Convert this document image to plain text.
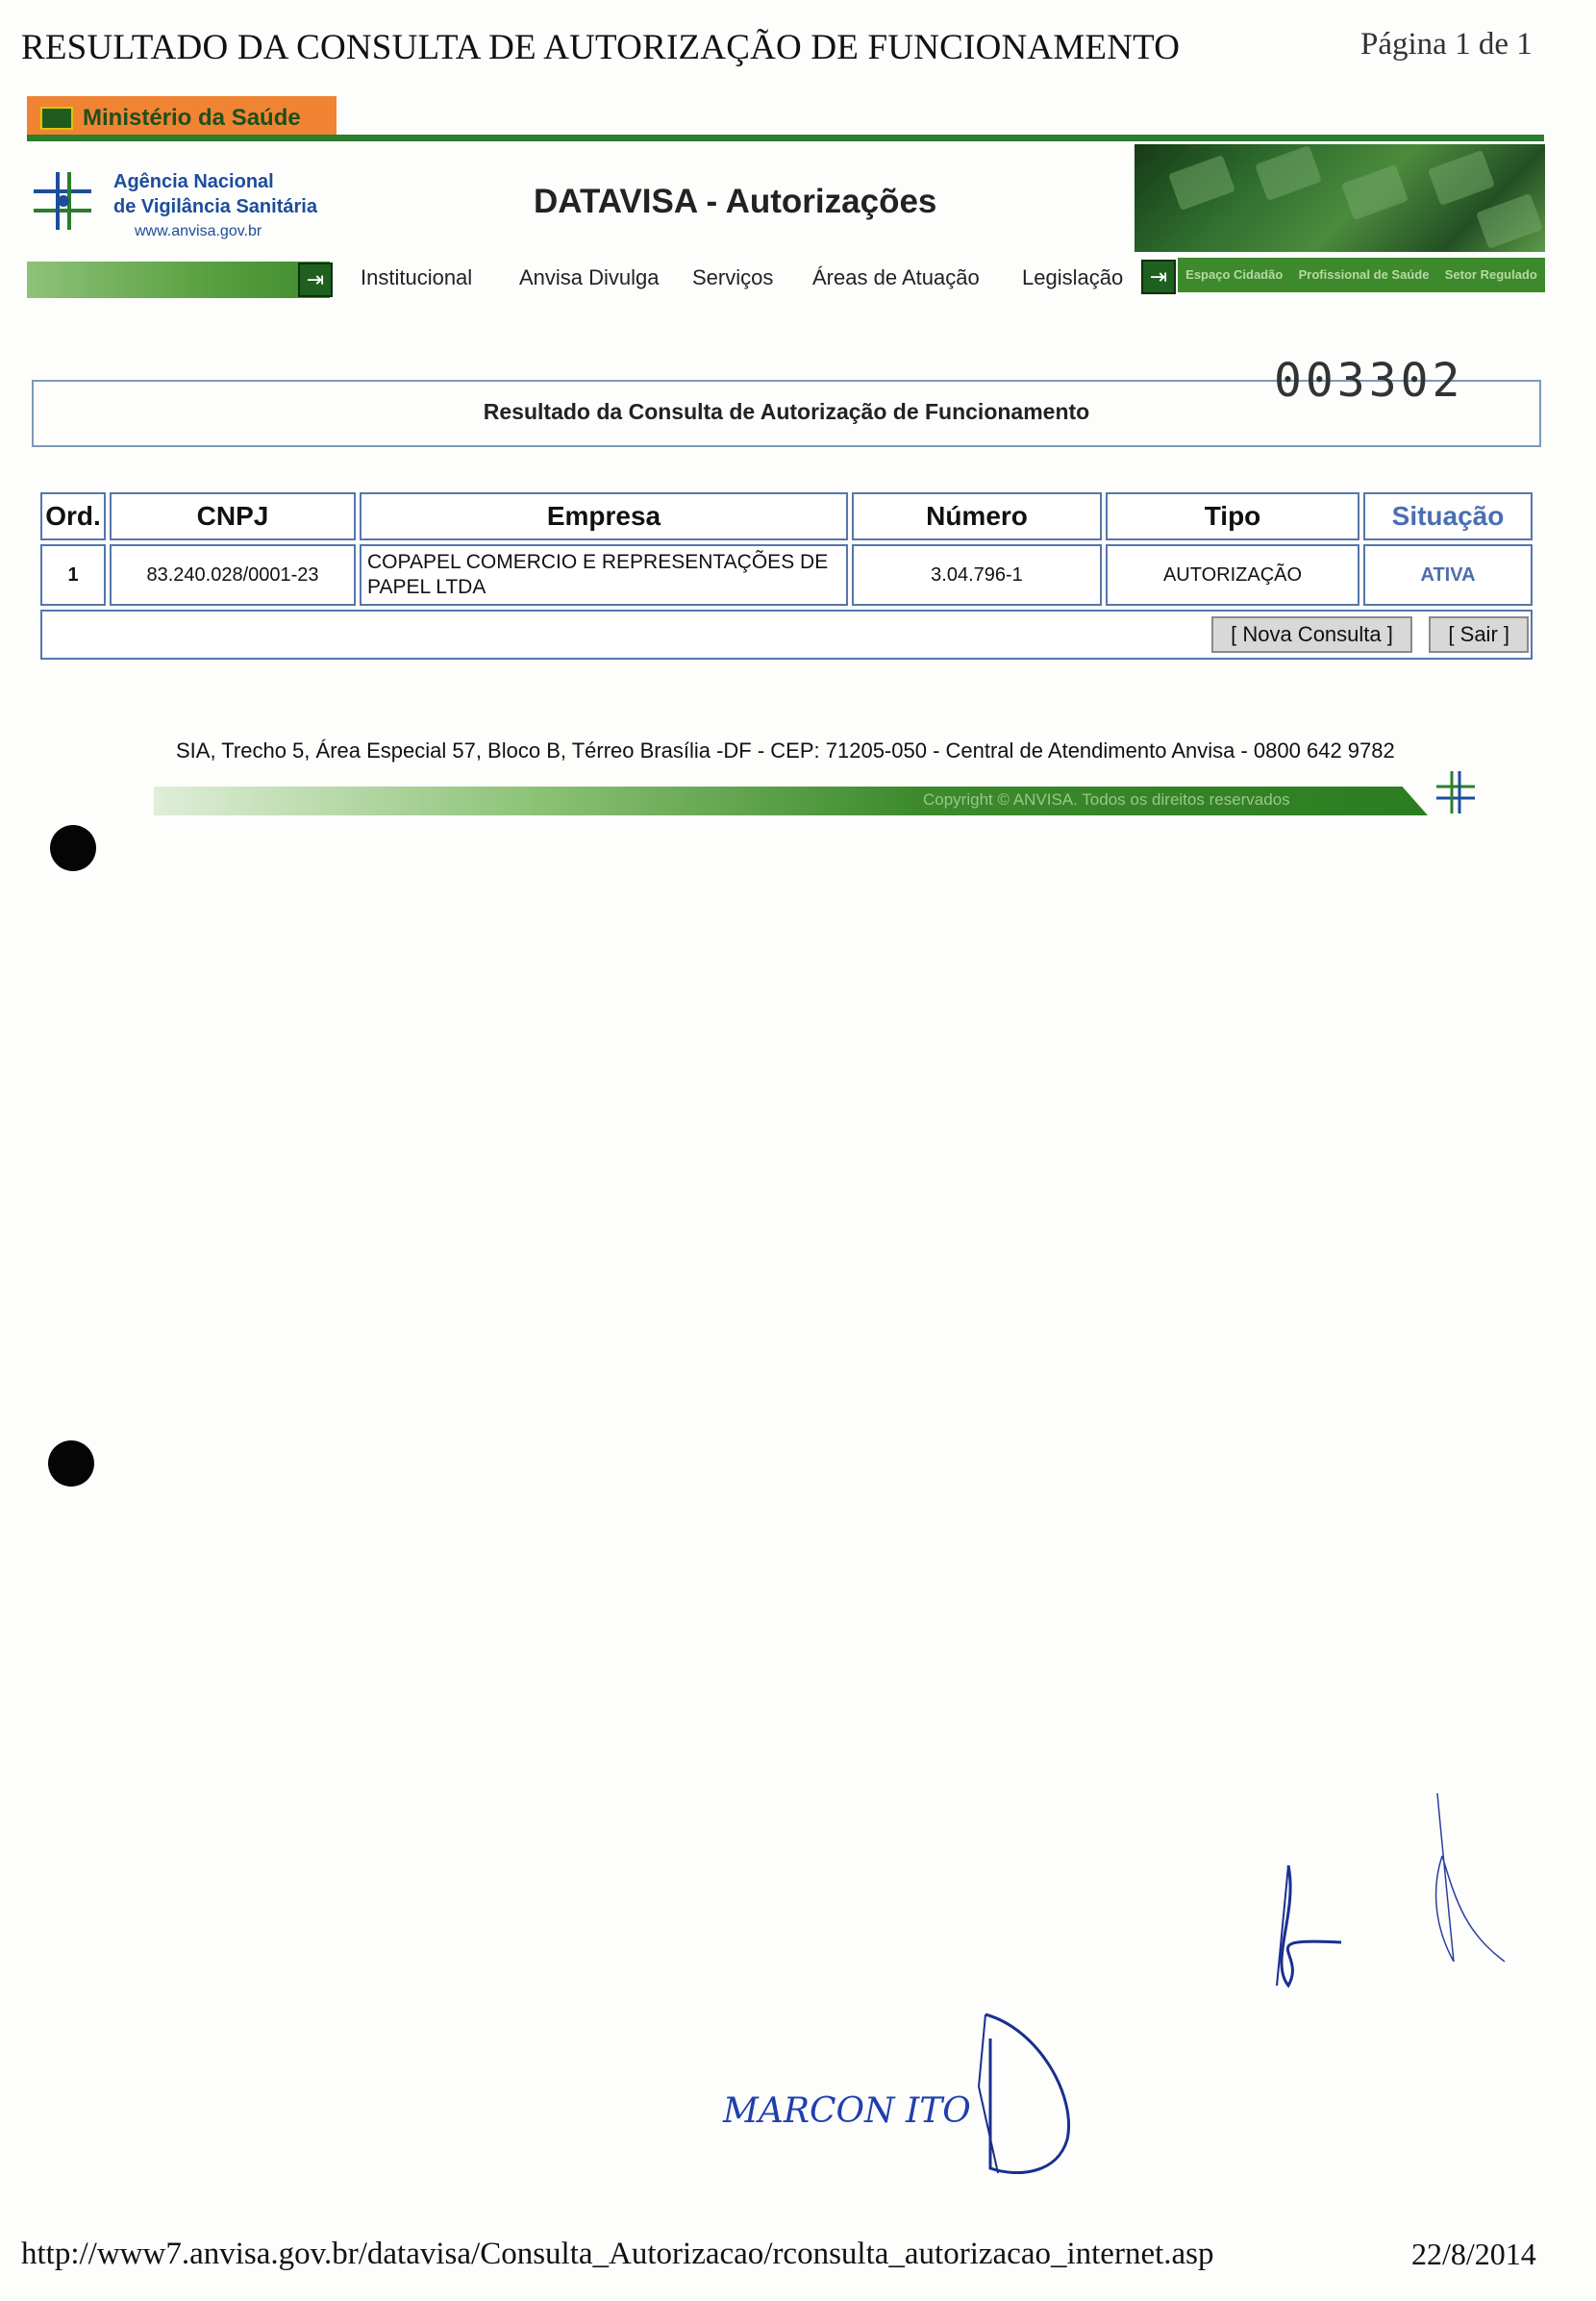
RESULTADO DA CONSULTA DE AUTORIZAÇÃO DE FUNCIONAMENTO	Página 1 de 1
Ministério da Saúde
Agência Nacional
de Vigilância Sanitária
www.anvisa.gov.br
DATAVISA - Autorizações
⇥	Institucional Anvisa Divulga Serviços Áreas de Atuação Legislação	⇥	Espaço Cidadão Profissional de Saúde Setor Regulado
Resultado da Consulta de Autorização de Funcionamento
003302
Ord.	CNPJ	Empresa	Número	Tipo	Situação
1	83.240.028/0001-23	COPAPEL COMERCIO E REPRESENTAÇÕES DE PAPEL LTDA	3.04.796-1	AUTORIZAÇÃO	ATIVA
[ Nova Consulta ] [ Sair ]					
SIA, Trecho 5, Área Especial 57, Bloco B, Térreo Brasília -DF - CEP: 71205-050 - Central de Atendimento Anvisa - 0800 642 9782
Copyright © ANVISA. Todos os direitos reservados
MARCON ITO
http://www7.anvisa.gov.br/datavisa/Consulta_Autorizacao/rconsulta_autorizacao_internet.asp	22/8/2014
